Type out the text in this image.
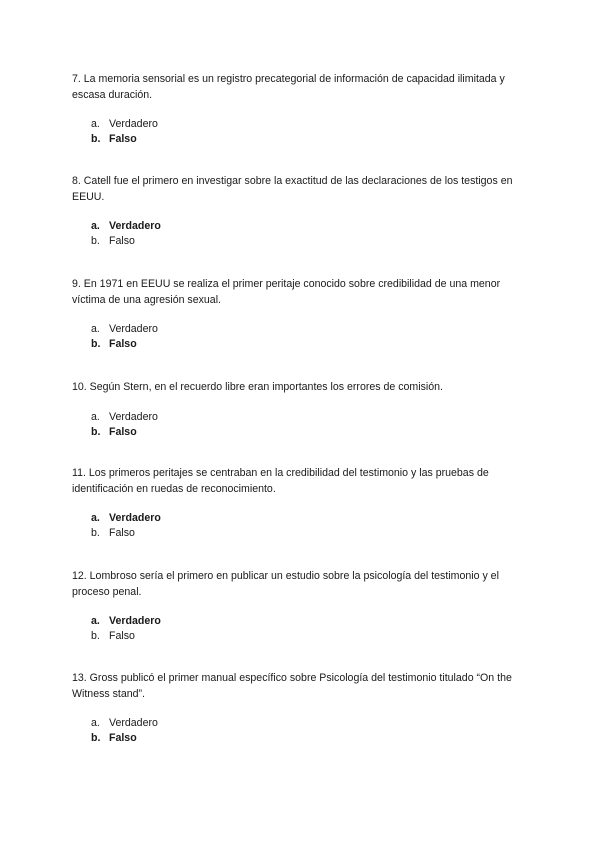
7. La memoria sensorial es un registro precategorial de información de capacidad ilimitada y escasa duración.

a. Verdadero
b. Falso

8. Catell fue el primero en investigar sobre la exactitud de las declaraciones de los testigos en EEUU.

a. Verdadero
b. Falso

9. En 1971 en EEUU se realiza el primer peritaje conocido sobre credibilidad de una menor víctima de una agresión sexual.

a. Verdadero
b. Falso

10. Según Stern, en el recuerdo libre eran importantes los errores de comisión.

a. Verdadero
b. Falso

11. Los primeros peritajes se centraban en la credibilidad del testimonio y las pruebas de identificación en ruedas de reconocimiento.

a. Verdadero
b. Falso

12. Lombroso sería el primero en publicar un estudio sobre la psicología del testimonio y el proceso penal.

a. Verdadero
b. Falso

13. Gross publicó el primer manual específico sobre Psicología del testimonio titulado “On the Witness stand”.

a. Verdadero
b. Falso
